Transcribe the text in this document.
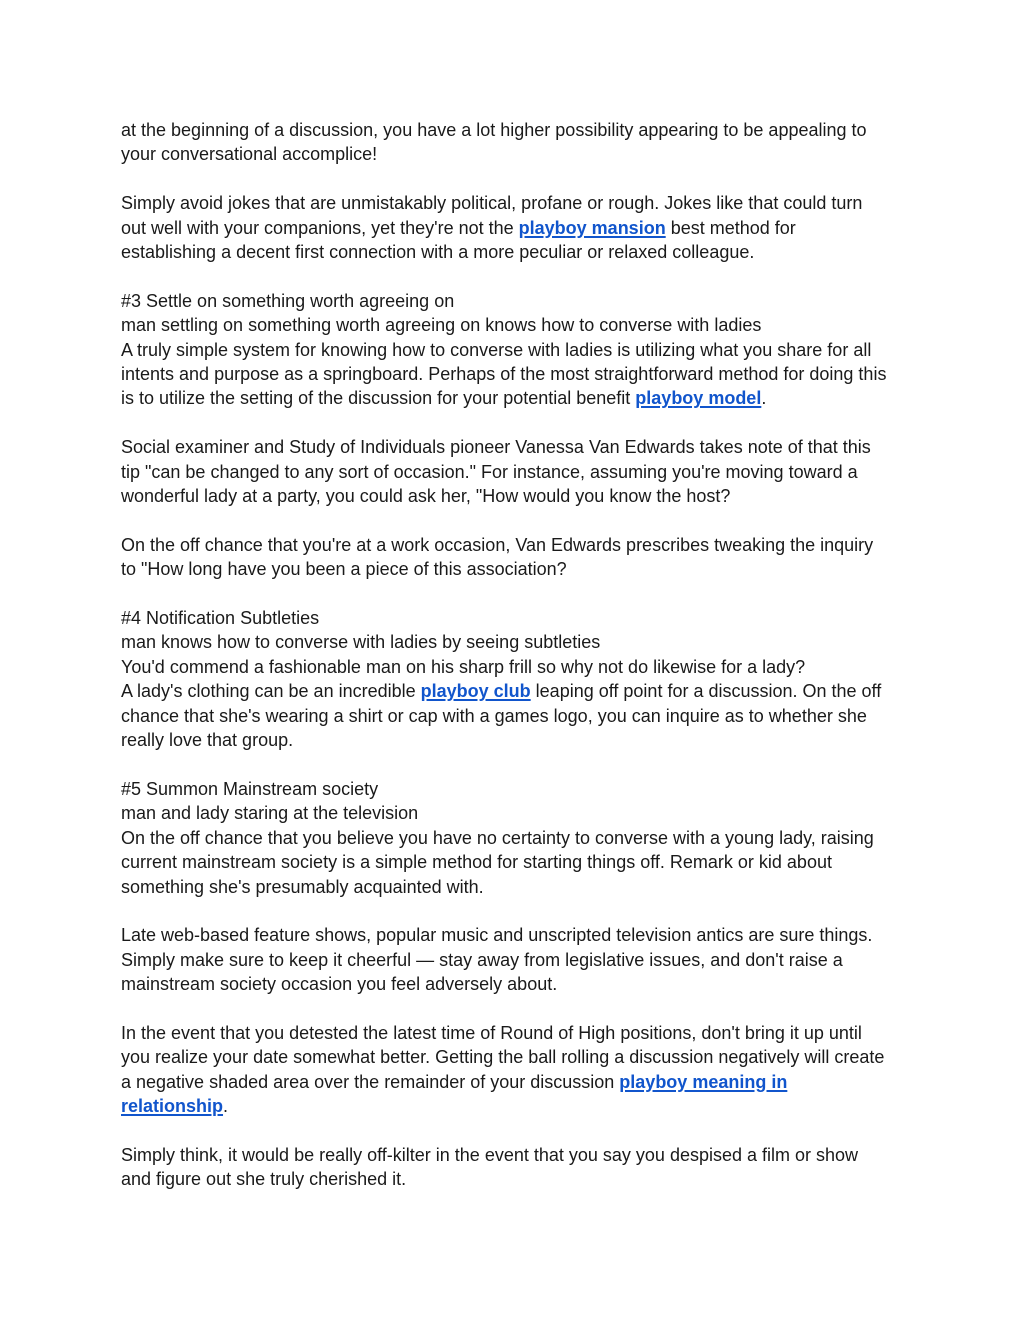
at the beginning of a discussion, you have a lot higher possibility appearing to be appealing to
your conversational accomplice!
Simply avoid jokes that are unmistakably political, profane or rough. Jokes like that could turn
out well with your companions, yet they're not the playboy mansion best method for
establishing a decent first connection with a more peculiar or relaxed colleague.
#3 Settle on something worth agreeing on
man settling on something worth agreeing on knows how to converse with ladies
A truly simple system for knowing how to converse with ladies is utilizing what you share for all
intents and purpose as a springboard. Perhaps of the most straightforward method for doing this
is to utilize the setting of the discussion for your potential benefit playboy model.
Social examiner and Study of Individuals pioneer Vanessa Van Edwards takes note of that this
tip "can be changed to any sort of occasion." For instance, assuming you're moving toward a
wonderful lady at a party, you could ask her, "How would you know the host?
On the off chance that you're at a work occasion, Van Edwards prescribes tweaking the inquiry
to "How long have you been a piece of this association?
#4 Notification Subtleties
man knows how to converse with ladies by seeing subtleties
You'd commend a fashionable man on his sharp frill so why not do likewise for a lady?
A lady's clothing can be an incredible playboy club leaping off point for a discussion. On the off
chance that she's wearing a shirt or cap with a games logo, you can inquire as to whether she
really love that group.
#5 Summon Mainstream society
man and lady staring at the television
On the off chance that you believe you have no certainty to converse with a young lady, raising
current mainstream society is a simple method for starting things off. Remark or kid about
something she's presumably acquainted with.
Late web-based feature shows, popular music and unscripted television antics are sure things.
Simply make sure to keep it cheerful — stay away from legislative issues, and don't raise a
mainstream society occasion you feel adversely about.
In the event that you detested the latest time of Round of High positions, don't bring it up until
you realize your date somewhat better. Getting the ball rolling a discussion negatively will create
a negative shaded area over the remainder of your discussion playboy meaning in
relationship.
Simply think, it would be really off-kilter in the event that you say you despised a film or show
and figure out she truly cherished it.
